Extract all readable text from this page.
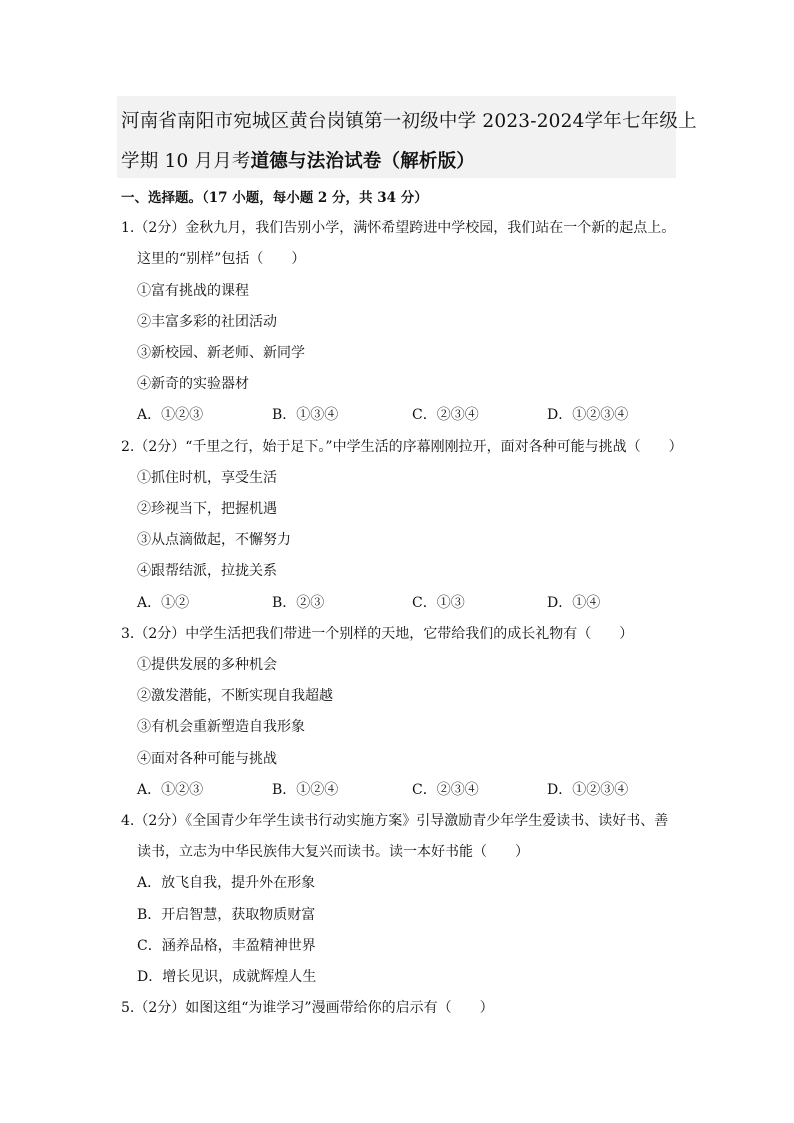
河南省南阳市宛城区黄台岗镇第一初级中学 2023-2024学年七年级上
学期 10 月月考道德与法治试卷（解析版）
一、选择题。（17 小题，每小题 2 分，共 34 分）
1.（2分）金秋九月，我们告别小学，满怀希望跨进中学校园，我们站在一个新的起点上。
这里的“别样”包括（　　）
①富有挑战的课程
②丰富多彩的社团活动
③新校园、新老师、新同学
④新奇的实验器材
A．①②③	B．①③④	C．②③④	D．①②③④
2.（2分）“千里之行，始于足下。”中学生活的序幕刚刚拉开，面对各种可能与挑战（　　）
①抓住时机，享受生活
②珍视当下，把握机遇
③从点滴做起，不懈努力
④跟帮结派，拉拢关系
A．①②	B．②③	C．①③	D．①④
3.（2分）中学生活把我们带进一个别样的天地，它带给我们的成长礼物有（　　）
①提供发展的多种机会
②激发潜能，不断实现自我超越
③有机会重新塑造自我形象
④面对各种可能与挑战
A．①②③	B．①②④	C．②③④	D．①②③④
4.（2分）《全国青少年学生读书行动实施方案》引导激励青少年学生爱读书、读好书、善
读书，立志为中华民族伟大复兴而读书。读一本好书能（　　）
A．放飞自我，提升外在形象
B．开启智慧，获取物质财富
C．涵养品格，丰盈精神世界
D．增长见识，成就辉煌人生
5.（2分）如图这组“为谁学习”漫画带给你的启示有（　　）
